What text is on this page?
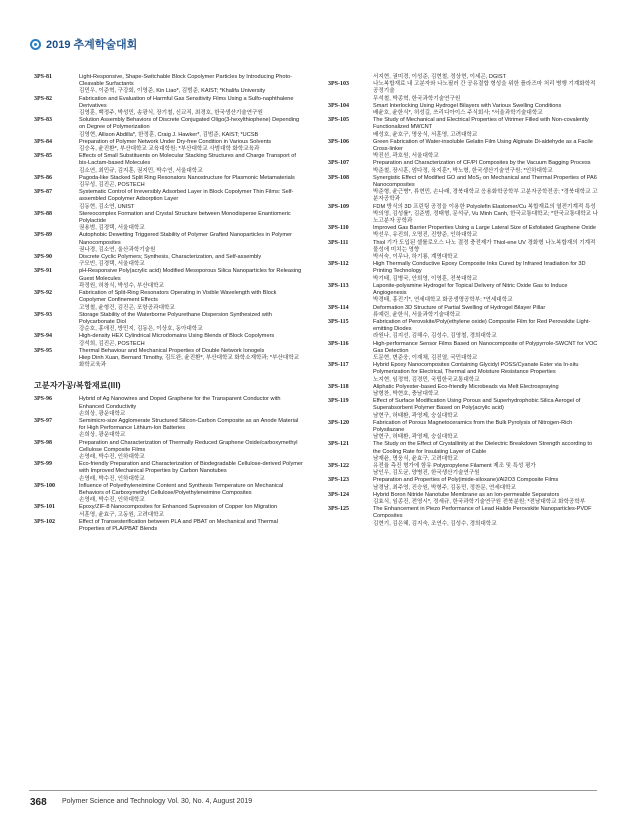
2019 추계학술대회
3PS-81	Light-Responsive, Shape-Switchable Block Copolymer Particles by Introducing Photo-Cleavable Surfactants
김민우, 이준혁, 구강회, 이영준, Kin Liao*, 김범준, KAIST; *Khalifa University
3PS-82	Fabrication and Evaluation of Harmful Gas Sensitivity Films Using a Sulfo-naphthalene Derivatives
김영훈, 백정주, 박성민, 송광식, 장기철, 신교직, 최경호, 한국생산기술연구원
3PS-83	Solution Assembly Behaviors of Discrete Conjugated Oligo(3-hexylthiophene) Depending on Degree of Polymerization
김영현, Allison Abdilla*, 한정훈, Craig J. Hawker*, 김범준, KAIST; *UCSB
3PS-84	Preparation of Polymer Network Under Dry-free Condition in Various Solvents
김승옥, 윤진환*, 부산대학교 교육대학원; *부산대학교 사범대학 화학교육과
3PS-85	Effects of Small Substituents on Molecular Stacking Structures and Charge Transport of bis-Lactam-based Molecules
김소연, 최민규, 김지훈, 권지민, 박수연, 서울대학교
3PS-86	Pagoda-like Stacked Split Ring Resonators Nanostructure for Plasmonic Metamaterials
김무성, 김진곤, POSTECH
3PS-87	Systematic Control of Irreversibly Adsorbed Layer in Block Copolymer Thin Films: Self-assembled Copolymer Adsorption Layer
김동현, 김소연, UNIST
3PS-88	Stereocomplex Formation and Crystal Structure between Monodisperse Enantiomeric Polylactide
권용범, 김경택, 서울대학교
3PS-89	Autophobic Dewetting Triggered Stability of Polymer Grafted Nanoparticles in Polymer Nanocomposites
권나경, 김소연, 울산과학기술원
3PS-90	Discrete Cyclic Polymers; Synthesis, Characterization, and Self-assembly
구모빈, 김경택, 서울대학교
3PS-91	pH-Responsive Poly(acrylic acid) Modified Mesoporous Silica Nanoparticles for Releasing Guest Molecules
곽정원, 허창식, 박성수, 부산대학교
3PS-92	Fabrication of Split-Ring Resonators Operating in Visible Wavelength with Block Copolymer Confinement Effects
고영철, 윤형건, 김진곤, 포항공과대학교
3PS-93	Storage Stability of the Waterborne Polyurethane Dispersion Synthesized with Polycarbonate Diol
강순호, 홍애진, 방민지, 김동은, 이상호, 동아대학교
3PS-94	High-density HEX Cylindrical Microdomains Using Blends of Block Copolymers
강석희, 김진곤, POSTECH
3PS-95	Thermal Behaviour and Mechanical Properties of Double Network Ionogels
Hiep Dinh Xuan, Bernard Timothy, 김도완, 윤진환*, 부산대학교 화학소재학과; *부산대학교 화학교육과
고분자가공/복합재료(III)
3PS-96	Hybrid of Ag Nanowires and Doped Graphene for the Transparent Conductor with Enhanced Conductivity
손희상, 광운대학교
3PS-97	Semimicro-size Agglomerate Structured Silicon-Carbon Composite as an Anode Material for High Performance Lithium-Ion Batteries
손희상, 광운대학교
3PS-98	Preparation and Characterization of Thermally Reduced Graphene Oxide/carboxymethyl Cellulose Composite Films
손영래, 박수진, 인하대학교
3PS-99	Eco-friendly Preparation and Characterization of Biodegradable Cellulose-derived Polymer with Improved Mechanical Properties by Carbon Nanotubes
손영래, 박수진, 인하대학교
3PS-100	Influence of Polyethyleneimine Content and Synthesis Temperature on Mechanical Behaviors of Carboxymethyl Cellulose/Polyethyleneimine Composites
손영래, 박수진, 인하대학교
3PS-101	Epoxy/ZIF-8 Nanocomposites for Enhanced Supression of Copper Ion Migration
서훈영, 윤효구, 고동원, 고려대학교
3PS-102	Effect of Transesterification between PLA and PBAT on Mechanical and Thermal Properties of PLA/PBAT Blends
서지현, 권미경, 이성준, 김현철, 정상현, 이세곤, DGIST
3PS-103	나노복합재료 내 고분자와 나노필러 간 공유결합 형성을 위한 플라즈마 처리 병행 기계화학적 공정기술
무석철, 박종혁, 한국과학기술연구원
3PS-104	Smart Interlocking Using Hydrogel Bilayers with Various Swelling Conditions
배윤호, 윤한식*, 허성길, 쓰리디아이스 주식회사; *서울과학기술대학교
3PS-105	The Study of Mechanical and Electrical Properties of Vitrimer Filled with Non-covalently Functionalized MWCNT
배성호, 윤호구, 명웅식, 서훈영, 고려대학교
3PS-106	Green Fabrication of Water-insoluble Gelatin Film Using Alginate Di-aldehyde as a Facile Cross-linker
박진선, 곽호원, 서울대학교
3PS-107	Preparation and Characterization of CF/PI Composites by the Vacuum Bagging Process
박준철, 장시훈, 엄다정, 육지훈*, 박노형, 한국생산기술연구원; *인하대학교
3PS-108	Synergistic Effect of Modified GO and MoS₂ on Mechanical and Thermal Properties of PA6 Nanocomposites
박준형, 윤근병*, 류현민, 손나래, 경북대학교 응용화학공학부 고분자공학전공; *경북대학교 고분자공학과
3PS-109	FDM 방식의 3D 프린팅 공정을 이용한 Polyolefin Elastomer/Cu 복합재료의 열전기계적 특성
박의영, 김성률*, 김준범, 정태형, 문석규, Vu Minh Canh, 한국교통대학교; *한국교통대학교 나노고분자 공학과
3PS-110	Improved Gas Barrier Properties Using a Large Lateral Size of Exfoliated Graphene Oxide
박선우, 유진희, 오명진, 진향준, 인하대학교
3PS-111	Thiol 기가 도입된 셀룰로오스 나노 결정 충전제가 Thiol-ene UV 경화형 나노복합재의 기계적 물성에 미치는 영향
박서숙, 이무나, 하기룡, 계명대학교
3PS-112	High Thermally Conductive Epoxy Composite Inks Cured by Infrared Irradiation for 3D Printing Technology
박기태, 김병국, 안희영, 이영훈, 전북대학교
3PS-113	Laponite-polyamine Hydrogel for Topical Delivery of Nitric Oxide Gas to Induce Angiogenesis
박경태, 홍진기*, 연세대학교 화공생명공학부; *연세대학교
3PS-114	Deformation 3D Structure of Partial Swelling of Hydrogel Bilayer Pillar
류예린, 윤한식, 서울과학기술대학교
3PS-115	Fabrication of Perovskite/Poly(ethylene oxide) Composite Film for Red Perovskite Light-emitting Diodes
라원나, 김지선, 김해수, 김성수, 김영철, 경희대학교
3PS-116	High-performance Sensor Films Based on Nanocomposite of Polypyrrole-SWCNT for VOC Gas Detection
도문현, 변준웅, 이재채, 김진열, 국민대학교
3PS-117	Hybrid Epoxy Nanocomposites Containing Glycidyl POSS/Cyanate Ester via In-situ Polymerization for Electrical, Thermal and Moisture Resistance Properties
노지현, 임정혁, 김경민, 국립한국교통대학교
3PS-118	Aliphatic Polyester-based Eco-friendly Microbeads via Melt Electrospraying
남형찬, 박현호, 충남대학교
3PS-119	Effect of Surface Modification Using Porous and Superhydrophobic Silica Aerogel of Superabsorbent Polymer Based on Poly(acrylic acid)
남현구, 허태환, 곽영제, 숭실대학교
3PS-120	Fabrication of Porous Magnetoceramics from the Bulk Pyrolysis of Nitrogen-Rich Polysilazane
남현구, 허태환, 곽영제, 숭실대학교
3PS-121	The Study on the Effect of Crystallinity at the Dielectric Breakdown Strength according to the Cooling Rate for Insulating Layer of Cable
남재윤, 명웅식, 윤효구, 고려대학교
3PS-122	유전율 측진 형가에 함유 Polypropylene Filament 제조 및 특성 평가
남인우, 김도균, 양병진, 한국생산기술연구원
3PS-123	Preparation and Properties of Poly(imide-siloxane)/Al2O3 Composite Films
남경남, 최주영, 진승원, 박형주, 김동민, 정찬문, 연세대학교
3PS-124	Hybrid Boron Nitride Nanotube Membrane as an Ion-permeable Separators
김효식, 임종진, 전영시*, 정세규, 한국과학기술연구원 전북분원; *전남대학교 화학공학부
3PS-125	The Enhancement in Piezo Performance of Lead Halide Perovskite Nanoparticles-PVDF Composites
김현기, 김은혜, 김지숙, 조연수, 김성수, 경희대학교
368 Polymer Science and Technology Vol. 30, No. 4, August 2019
